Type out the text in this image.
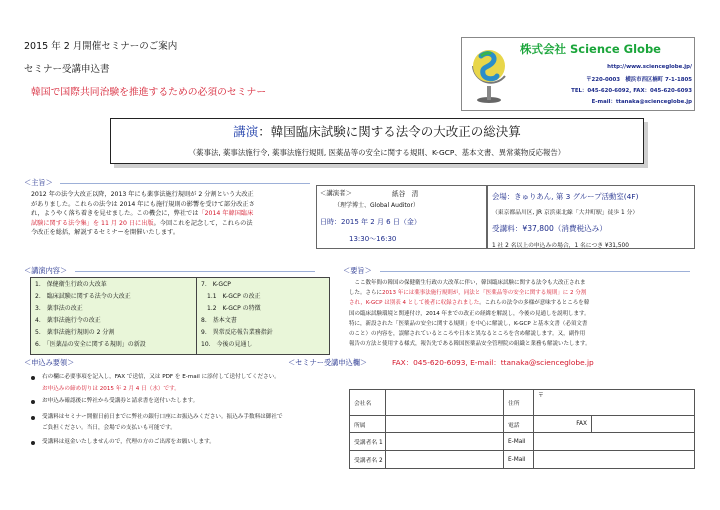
2015 年 2 月開催セミナーのご案内
セミナー受講申込書
韓国で国際共同治験を推進するための必須のセミナー
株式会社 Science Globe
http://www.scienceglobe.jp/
〒220-0003　横浜市西区楠町 7-1-1805
TEL：045-620-6092, FAX：045-620-6093
E-mail：ttanaka@scienceglobe.jp
講演：韓国臨床試験に関する法令の大改正の総決算
（薬事法, 薬事法施行令, 薬事法施行規則, 医薬品等の安全に関する規則、K-GCP、基本文書、異常薬物反応報告）
＜主旨＞
2012 年の法令大改正以降，2013 年にも薬事法施行規則が 2 分割という大改正
がありました。これらの法令は 2014 年にも施行規則の影響を受けて部分改正さ
れ，ようやく落ち着きを見せました。この機会に，弊社では「2014 年韓国臨床
試験に関する法令集」を 11 月 20 日に出版。今回これを記念して，これらの法
令改正を総括，解説するセミナーを開催いたします。
＜講演者＞	紙谷　清
（理学博士、Global Auditor）
日時：2015 年 2 月 6 日（金）
13:30～16:30
会場：きゅりあん, 第 3 グループ活動室(4F)
（東京都品川区, JR 京浜東北線「大井町駅」徒歩 1 分）
受講料：¥37,800（消費税込み）
1 社 2 名以上の申込みの場合，1 名につき ¥31,500
＜講演内容＞
1.　保健衛生行政の大改革
2.　臨床試験に関する法令の大改正
3.　薬事法の改正
4.　薬事法施行令の改正
5.　薬事法施行規則の 2 分割
6.　「医薬品の安全に関する規則」の新設
7.　K-GCP
　1.1　K-GCP の改正
　1.2　K-GCP の特徴
8.　基本文書
9.　異常反応報告業務指針
10.　今後の見通し
＜要旨＞
　ここ数年間の韓国の保健衛生行政の大改革に伴い，韓国臨床試験に関する法令も大改正されま
した。さらに2013 年には薬事法施行規則が，同法と「医薬品等の安全に関する規則」に 2 分割
され，K-GCP は別表 4 として後者に収録されました。これらの法令の多様が意味するところを韓
国の臨床試験環境と関連付け，2014 年までの改正の経緯を解説し，今後の見通しを説明します。
特に，新設された「医薬品の安全に関する規則」を中心に解説し，K-GCP と基本文書（必須文書
のこと）の内容を，誤解されているところや日本と異なるところを含め解説します。又，副作用
報告の方法と使用する様式，報告先である韓国医薬品安全管理院の組織と業務も解説いたします。
＜申込み要領＞	＜セミナー受講申込欄＞	FAX：045-620-6093, E-mail：ttanaka@scienceglobe.jp
右の欄に必要事項を記入し，FAX で送信，又は PDF を E-mail に添付して送付してください。
お申込みの締め切りは 2015 年 2 月 4 日（水）です。
お申込み確認後に弊社から受講券と請求書を送付いたします。
受講料はセミナー開催日前日までに弊社の銀行口座にお振込みください。振込み手数料は御社で
ご負担ください。当日，会場での支払いも可能です。
受講料は返金いたしませんので，代理の方のご出席をお願いします。
会社名		住所	〒	
所属		電話	FAX	

受講者名 1		E-Mail		
受講者名 2		E-Mail		
